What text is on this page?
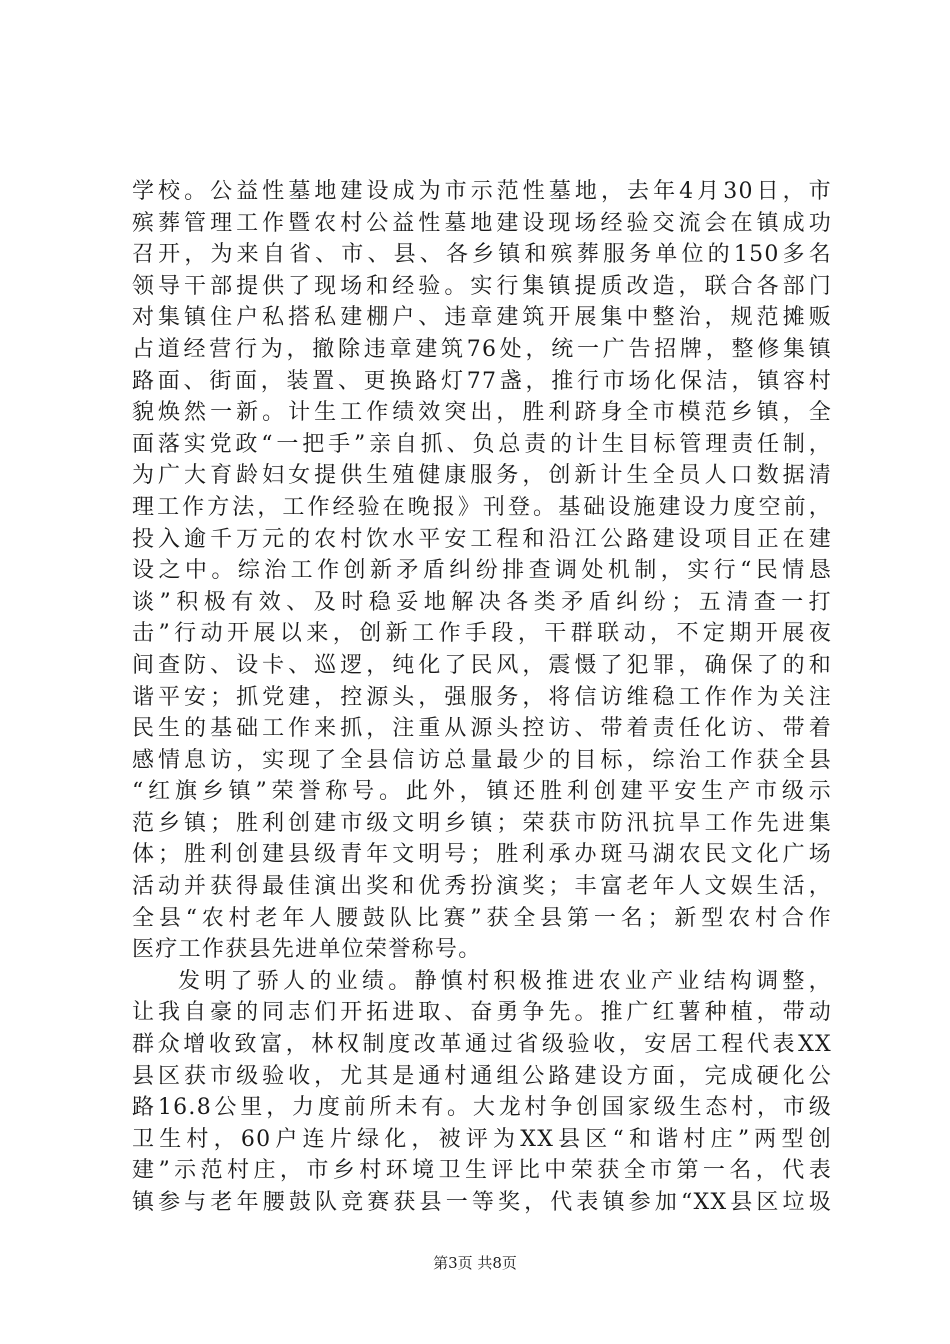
学校。公益性墓地建设成为市示范性墓地，去年4月30日，市
殡葬管理工作暨农村公益性墓地建设现场经验交流会在镇成功
召开，为来自省、市、县、各乡镇和殡葬服务单位的150多名
领导干部提供了现场和经验。实行集镇提质改造，联合各部门
对集镇住户私搭私建棚户、违章建筑开展集中整治，规范摊贩
占道经营行为，撤除违章建筑76处，统一广告招牌，整修集镇
路面、街面，装置、更换路灯77盏，推行市场化保洁，镇容村
貌焕然一新。计生工作绩效突出，胜利跻身全市模范乡镇，全
面落实党政“一把手”亲自抓、负总责的计生目标管理责任制，
为广大育龄妇女提供生殖健康服务，创新计生全员人口数据清
理工作方法，工作经验在晚报》刊登。基础设施建设力度空前，
投入逾千万元的农村饮水平安工程和沿江公路建设项目正在建
设之中。综治工作创新矛盾纠纷排查调处机制，实行“民情恳
谈”积极有效、及时稳妥地解决各类矛盾纠纷；五清查一打
击”行动开展以来，创新工作手段，干群联动，不定期开展夜
间查防、设卡、巡逻，纯化了民风，震慑了犯罪，确保了的和
谐平安；抓党建，控源头，强服务，将信访维稳工作作为关注
民生的基础工作来抓，注重从源头控访、带着责任化访、带着
感情息访，实现了全县信访总量最少的目标，综治工作获全县
“红旗乡镇”荣誉称号。此外，镇还胜利创建平安生产市级示
范乡镇；胜利创建市级文明乡镇；荣获市防汛抗旱工作先进集
体；胜利创建县级青年文明号；胜利承办斑马湖农民文化广场
活动并获得最佳演出奖和优秀扮演奖；丰富老年人文娱生活，
全县“农村老年人腰鼓队比赛”获全县第一名；新型农村合作
医疗工作获县先进单位荣誉称号。
发明了骄人的业绩。静慎村积极推进农业产业结构调整，
让我自豪的同志们开拓进取、奋勇争先。推广红薯种植，带动
群众增收致富，林权制度改革通过省级验收，安居工程代表XX
县区获市级验收，尤其是通村通组公路建设方面，完成硬化公
路16.8公里，力度前所未有。大龙村争创国家级生态村，市级
卫生村，60户连片绿化，被评为XX县区“和谐村庄”两型创
建”示范村庄，市乡村环境卫生评比中荣获全市第一名，代表
镇参与老年腰鼓队竞赛获县一等奖，代表镇参加“XX县区垃圾
第3页 共8页
